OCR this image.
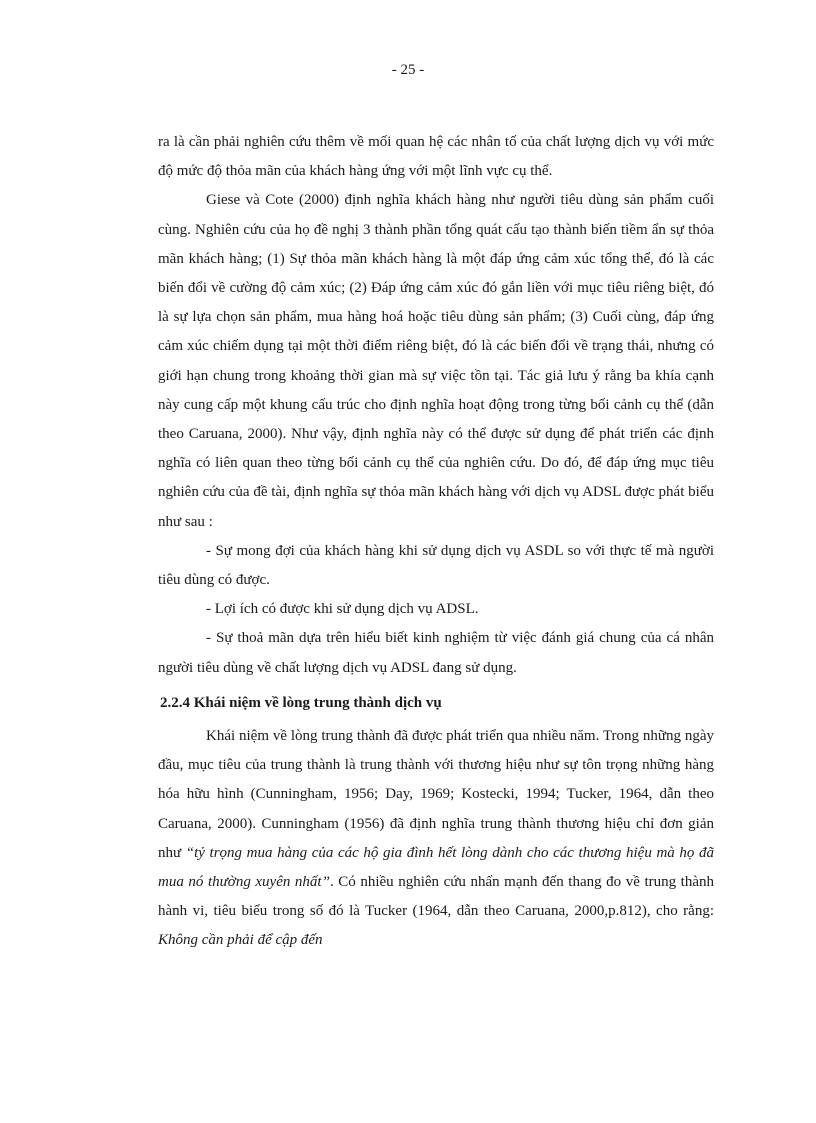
- 25 -

ra là cần phải nghiên cứu thêm về mối quan hệ các nhân tố của chất lượng dịch vụ với mức độ mức độ thỏa mãn của khách hàng ứng với một lĩnh vực cụ thể.

Giese và Cote (2000) định nghĩa khách hàng như người tiêu dùng sản phẩm cuối cùng. Nghiên cứu của họ đề nghị 3 thành phần tổng quát cấu tạo thành biến tiềm ẩn sự thỏa mãn khách hàng; (1) Sự thỏa mãn khách hàng là một đáp ứng cảm xúc tổng thể, đó là các biến đổi về cường độ cảm xúc; (2) Đáp ứng cảm xúc đó gắn liền với mục tiêu riêng biệt, đó là sự lựa chọn sản phẩm, mua hàng hoá hoặc tiêu dùng sản phẩm; (3) Cuối cùng, đáp ứng cảm xúc chiếm dụng tại một thời điểm riêng biệt, đó là các biến đổi về trạng thái, nhưng có giới hạn chung trong khoảng thời gian mà sự việc tồn tại. Tác giả lưu ý rằng ba khía cạnh này cung cấp một khung cấu trúc cho định nghĩa hoạt động trong từng bối cảnh cụ thể (dẫn theo Caruana, 2000). Như vậy, định nghĩa này có thể được sử dụng để phát triển các định nghĩa có liên quan theo từng bối cảnh cụ thể của nghiên cứu. Do đó, để đáp ứng mục tiêu nghiên cứu của đề tài, định nghĩa sự thỏa mãn khách hàng với dịch vụ ADSL được phát biểu như sau :

- Sự mong đợi của khách hàng khi sử dụng dịch vụ ASDL so với thực tế mà người tiêu dùng có được.

- Lợi ích có được khi sử dụng dịch vụ ADSL.

- Sự thoả mãn dựa trên hiểu biết kinh nghiệm từ việc đánh giá chung của cá nhân người tiêu dùng về chất lượng dịch vụ ADSL đang sử dụng.

2.2.4 Khái niệm về lòng trung thành dịch vụ

Khái niệm về lòng trung thành đã được phát triển qua nhiều năm. Trong những ngày đầu, mục tiêu của trung thành là trung thành với thương hiệu như sự tôn trọng những hàng hóa hữu hình (Cunningham, 1956; Day, 1969; Kostecki, 1994; Tucker, 1964, dẫn theo Caruana, 2000). Cunningham (1956) đã định nghĩa trung thành thương hiệu chỉ đơn giản như “tỷ trọng mua hàng của các hộ gia đình hết lòng dành cho các thương hiệu mà họ đã mua nó thường xuyên nhất”. Có nhiều nghiên cứu nhấn mạnh đến thang đo về trung thành hành vi, tiêu biểu trong số đó là Tucker (1964, dẫn theo Caruana, 2000,p.812), cho rằng: Không cần phải để cập đến
